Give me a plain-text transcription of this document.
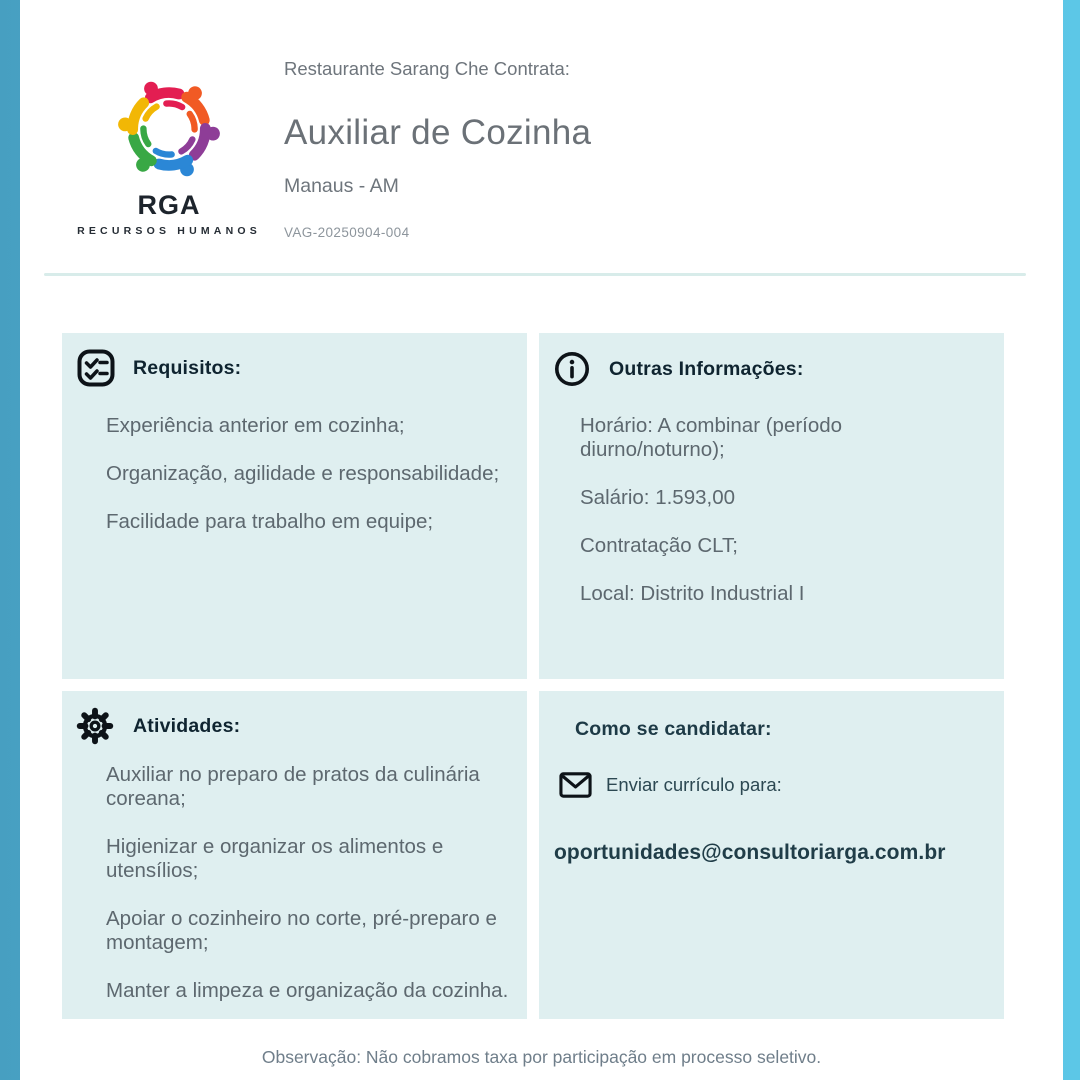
RGA
RECURSOS HUMANOS
Restaurante Sarang Che Contrata:
Auxiliar de Cozinha
Manaus - AM
VAG-20250904-004
Requisitos:

Experiência anterior em cozinha;

Organização, agilidade e responsabilidade;

Facilidade para trabalho em equipe;

Outras Informações:

Horário: A combinar (período diurno/noturno);

Salário: 1.593,00

Contratação CLT;

Local: Distrito Industrial I

Atividades:

Auxiliar no preparo de pratos da culinária coreana;

Higienizar e organizar os alimentos e utensílios;

Apoiar o cozinheiro no corte, pré-preparo e montagem;

Manter a limpeza e organização da cozinha.

Como se candidatar:
Enviar currículo para:
oportunidades@consultoriarga.com.br
Observação: Não cobramos taxa por participação em processo seletivo.
